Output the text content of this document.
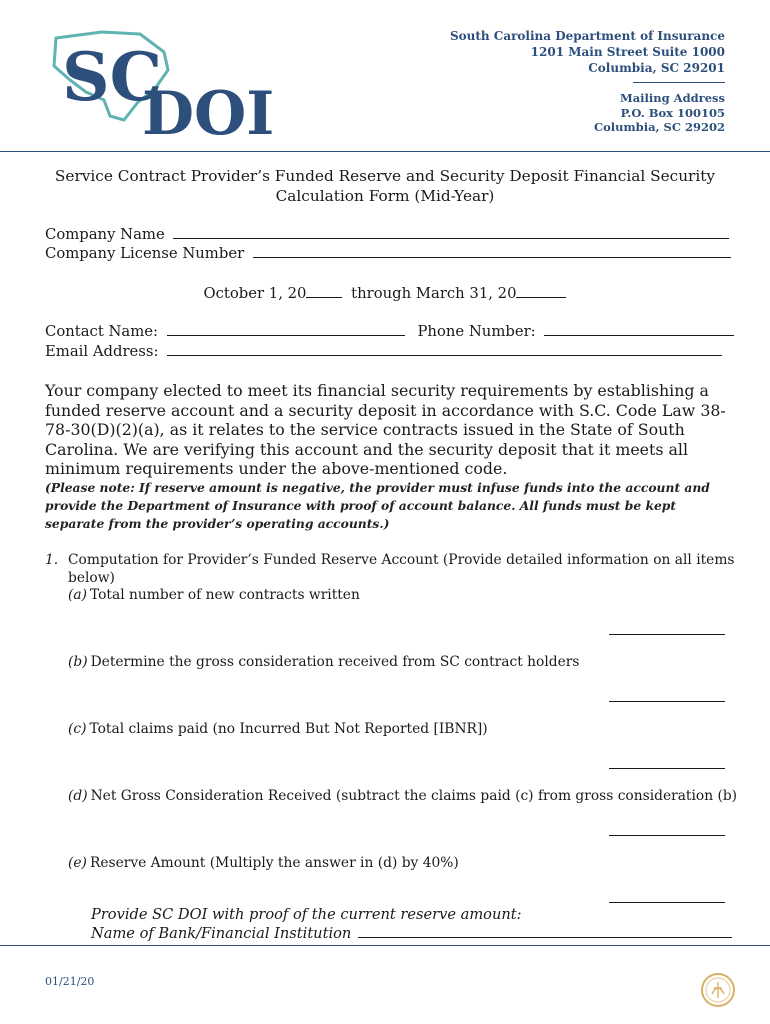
SC
DOI
South Carolina Department of Insurance
1201 Main Street Suite 1000
Columbia, SC 29201
Mailing Address
P.O. Box 100105
Columbia, SC 29202
Service Contract Provider’s Funded Reserve and Security Deposit Financial Security
Calculation Form (Mid-Year)
Company Name
Company License Number
October 1, 20	through March 31, 20
Contact Name:	Phone Number:
Email Address:
Your company elected to meet its financial security requirements by establishing a funded reserve account and a security deposit in accordance with S.C. Code Law 38-78-30(D)(2)(a), as it relates to the service contracts issued in the State of South Carolina. We are verifying this account and the security deposit that it meets all minimum requirements under the above-mentioned code.
(Please note: If reserve amount is negative, the provider must infuse funds into the account and provide the Department of Insurance with proof of account balance. All funds must be kept separate from the provider’s operating accounts.)
1. Computation for Provider’s Funded Reserve Account (Provide detailed information on all items below)
(a) Total number of new contracts written
(b) Determine the gross consideration received from SC contract holders
(c) Total claims paid (no Incurred But Not Reported [IBNR])
(d) Net Gross Consideration Received (subtract the claims paid (c) from gross consideration (b)
(e) Reserve Amount (Multiply the answer in (d) by 40%)
Provide SC DOI with proof of the current reserve amount:
Name of Bank/Financial Institution
01/21/20
